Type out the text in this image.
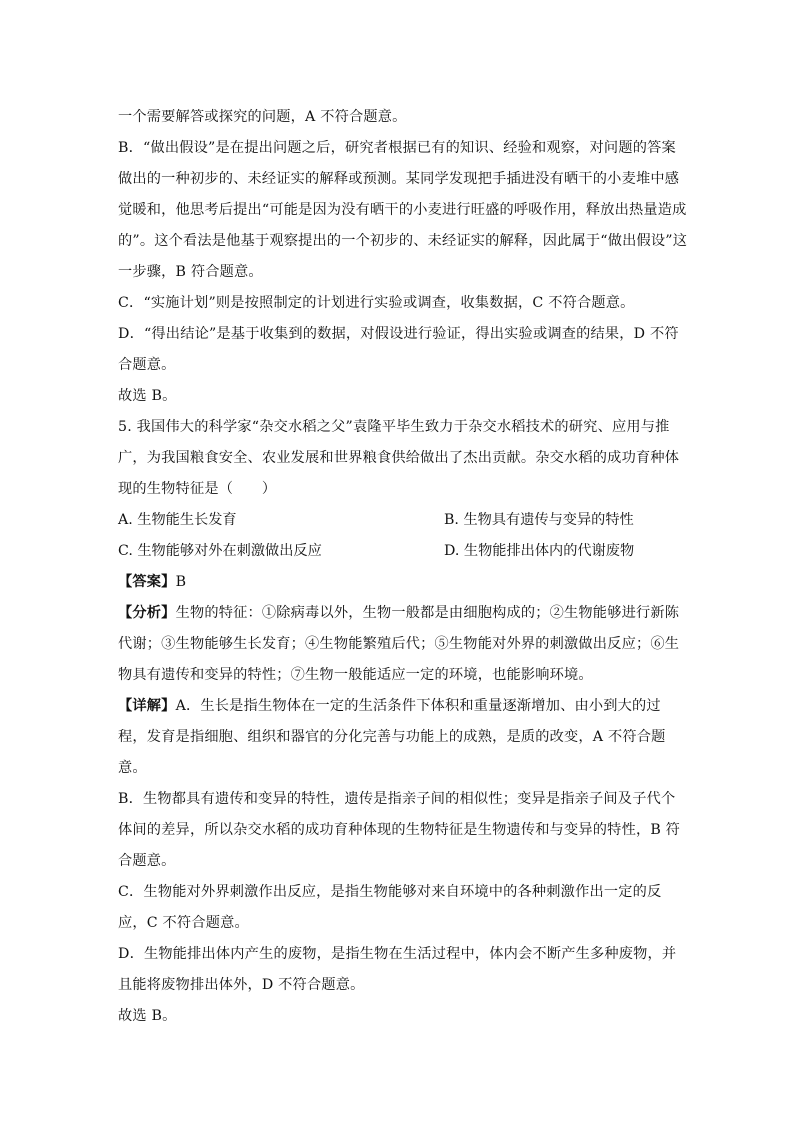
一个需要解答或探究的问题，A 不符合题意。

B．“做出假设”是在提出问题之后，研究者根据已有的知识、经验和观察，对问题的答案
做出的一种初步的、未经证实的解释或预测。某同学发现把手插进没有晒干的小麦堆中感
觉暖和，他思考后提出“可能是因为没有晒干的小麦进行旺盛的呼吸作用，释放出热量造成
的”。这个看法是他基于观察提出的一个初步的、未经证实的解释，因此属于“做出假设”这
一步骤，B 符合题意。

C．“实施计划”则是按照制定的计划进行实验或调查，收集数据，C 不符合题意。

D．“得出结论”是基于收集到的数据，对假设进行验证，得出实验或调查的结果，D 不符
合题意。

故选 B。

5. 我国伟大的科学家“杂交水稻之父”袁隆平毕生致力于杂交水稻技术的研究、应用与推
广，为我国粮食安全、农业发展和世界粮食供给做出了杰出贡献。杂交水稻的成功育种体
现的生物特征是（　　）

A. 生物能生长发育	B. 生物具有遗传与变异的特性
C. 生物能够对外在刺激做出反应	D. 生物能排出体内的代谢废物

【答案】B

【分析】生物的特征：①除病毒以外，生物一般都是由细胞构成的；②生物能够进行新陈
代谢；③生物能够生长发育；④生物能繁殖后代；⑤生物能对外界的刺激做出反应；⑥生
物具有遗传和变异的特性；⑦生物一般能适应一定的环境，也能影响环境。

【详解】A．生长是指生物体在一定的生活条件下体积和重量逐渐增加、由小到大的过
程，发育是指细胞、组织和器官的分化完善与功能上的成熟，是质的改变，A 不符合题
意。

B．生物都具有遗传和变异的特性，遗传是指亲子间的相似性；变异是指亲子间及子代个
体间的差异，所以杂交水稻的成功育种体现的生物特征是生物遗传和与变异的特性，B 符
合题意。

C．生物能对外界刺激作出反应，是指生物能够对来自环境中的各种刺激作出一定的反
应，C 不符合题意。

D．生物能排出体内产生的废物，是指生物在生活过程中，体内会不断产生多种废物，并
且能将废物排出体外，D 不符合题意。

故选 B。
